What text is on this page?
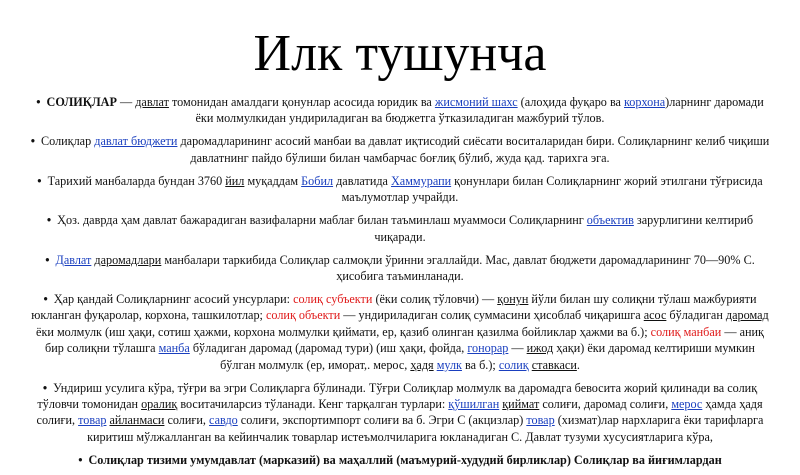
Илк тушунча
• СОЛИҚЛАР — давлат томонидан амалдаги қонунлар асосида юридик ва жисмоний шахс (алоҳида фуқаро ва корхона)ларнинг даромади ёки молмулкидан ундириладиган ва бюджетга ўтказиладиган мажбурий тўлов.
• Солиқлар давлат бюджети даромадларининг асосий манбаи ва давлат иқтисодий сиёсати воситаларидан бири. Солиқларнинг келиб чиқиши давлатнинг пайдо бўлиши билан чамбарчас боғлиқ бўлиб, жуда қад. тарихга эга.
• Тарихий манбаларда бундан 3760 йил муқаддам Бобил давлатида Хаммурапи қонунлари билан Солиқларнинг жорий этилгани тўғрисида маълумотлар учрайди.
• Ҳоз. даврда ҳам давлат бажарадиган вазифаларни маблағ билан таъминлаш муаммоси Солиқларнинг объектив зарурлигини келтириб чиқаради.
• Давлат даромадлари манбалари таркибида Солиқлар салмоқли ўринни эгаллайди. Мас, давлат бюджети даромадларининг 70—90% С. ҳисобига таъминланади.
• Ҳар қандай Солиқларнинг асосий унсурлари: солиқ субъекти (ёки солиқ тўловчи) — қонун йўли билан шу солиқни тўлаш мажбурияти юкланган фуқаролар, корхона, ташкилотлар; солиқ объекти — ундириладиган солиқ суммасини ҳисоблаб чиқаришга асос бўладиган даромад ёки молмулк (иш ҳақи, сотиш ҳажми, корхона молмулки қиймати, ер, қазиб олинган қазилма бойликлар ҳажми ва б.); солиқ манбаи — аниқ бир солиқни тўлашга манба бўладиган даромад (даромад тури) (иш ҳақи, фойда, гонорар — ижод ҳақи) ёки даромад келтириши мумкин бўлган молмулк (ер, иморат,. мерос, ҳадя мулк ва б.); солиқ ставкаси.
• Ундириш усулига кўра, тўғри ва эгри Солиқларга бўлинади. Тўғри Солиқлар молмулк ва даромадга бевосита жорий қилинади ва солиқ тўловчи томонидан оралиқ воситачиларсиз тўланади. Кенг тарқалган турлари: қўшилган қиймат солиғи, даромад солиғи, мерос ҳамда ҳадя солиғи, товар айланмаси солиғи, савдо солиғи, экспортимпорт солиғи ва б. Эгри С (акцизлар) товар (хизмат)лар нархларига ёки тарифларга киритиш мўлжалланган ва кейинчалик товарлар истеъмолчиларига юкланадиган С. Давлат тузуми хусусиятларига кўра,
• Солиқлар тизими умумдавлат (марказий) ва маҳаллий (маъмурий-худудий бирликлар) Солиқлар ва йиғимлардан
